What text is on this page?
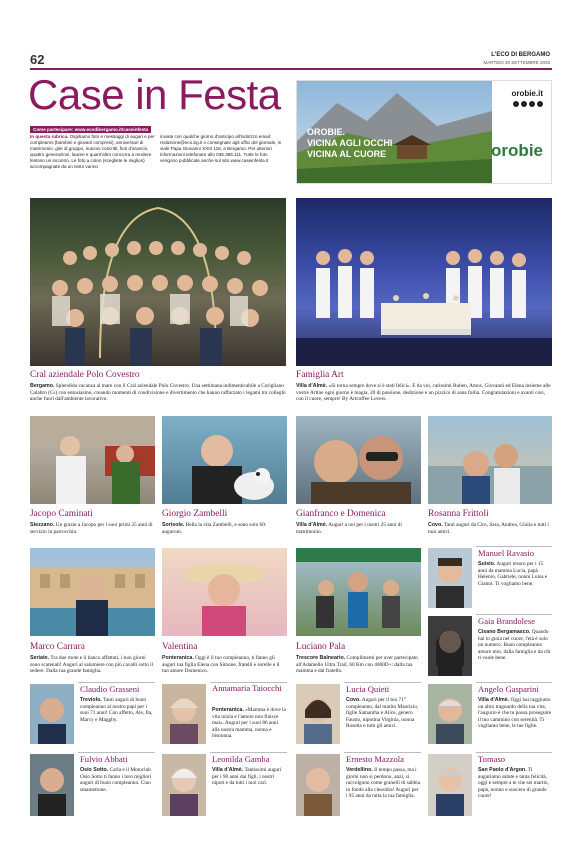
62	L'ECO DI BERGAMO
MARTEDÌ 30 SETTEMBRE 2025
Case in Festa
Come partecipare: www.ecodibergamo.it/caseinfesta
In questa rubrica. Ospitiamo foto e messaggi di auguri e per compleanni (bambini e giovani compresi), anniversari di matrimonio, gite di gruppo, riunioni coscritti, fiori d'arancio, quattro generazioni, lauree e quant'altro concorra a rendere festoso un incontro. Le foto a colori (scegliete le migliori) accompagnate da un testo vanno
inviate con qualche giorno d'anticipo all'indirizzo email: redazione@eco.bg.it o consegnate agli uffici del giornale, in viale Papa Giovanni XXIII 118, a Bergamo. Per ulteriori informazioni telefonare allo 035.386.111. Tutte le foto vengono pubblicate anche sul sito www.caseinfesta.it
OROBIE.
VICINA AGLI OCCHI
VICINA AL CUORE
orobie.it
orobie
Cral aziendale Polo Covestro
Bergamo. Splendida vacanza al mare con il Cral aziendale Polo Covestro. Una settimana indimenticabile a Corigliano Calabro (Cs) con entusiasmo, creando momenti di condivisione e divertimento che hanno rafforzato i legami tra colleghi anche fuori dall'ambiente lavorativo.
Famiglia Art
Villa d'Almè. «Si torna sempre dove si è stati felici». E da voi, carissimi Ruben, Amos, Giovanni ed Elena insieme alle vostre Artine ogni giorno è magia, 20 di passione, dedizione e un pizzico di sana follia. Congratulazioni e avanti così, con il cuore, sempre! By Artcoffee Lovers.
Jacopo Caminati
Stezzano. Un grazie a Jacopo per i suoi primi 25 anni di servizio in parrocchia.
Giorgio Zambelli
Sorisole. Bella la vita Zambelli, e sono solo 60: auguroni.
Gianfranco e Domenica
Villa d'Almè. Auguri a noi per i nostri 25 anni di matrimonio.
Rosanna Frittoli
Covo. Tanti auguri da Ciro, Sara, Andrea, Giulia e tutti i tuoi amici.
Marco Carrara
Seriate. Tra due mote e il banco affettati, i tuoi giorni sono scatenati! Auguri al salumiere con più cavalli sotto il sedere. Dalla tua grande famiglia.
Valentina
Ponteranica. Oggi è il tuo compleanno, ti fanno gli auguri tua figlia Elena con Simone, fratelli e sorelle e il tuo amore Domenico.
Luciano Pala
Trescore Balneario. Complimenti per aver partecipato all'Adamello Ultra Trail, 60 Km con 4000D+: dalla tua mamma e dal fratello.
Manuel Ravasio
Suisio. Auguri tesoro per i 15 anni da mamma Lucia, papà Helenio, Gabriele, nonni Luisa e Gianni. Ti vogliamo bene.
Gaia Brandolese
Cisano Bergamasco. Quando hai lo gioia nel cuore, l'età è solo un numero. Buon compleanno amore mio, dalla famiglia e da chi ti vuole bene.
Claudio Grasseni
Treviolo. Tanti auguri di buon compleanno al nostro papi per i suoi 71 anni! Con affetto, Ale, Ila, Marcy e Maggby.
Annamaria Taiocchi
Ponteranica. «Mamma è dove la vita inizia e l'amore non finisce mai». Auguri per i suoi 86 anni alla nostra mamma, nonna e bisnonna.
Lucia Quieti
Covo. Auguri per il tuo 71° compleanno, dal marito Maurizio, figlie Samantha e Alice, genero Fausto, nipotina Virginia, nonna Rosetta e tutti gli amici.
Angelo Gasparini
Villa d'Almè. Oggi hai raggiunto un altro traguardo della tua vita, l'augurio è che tu possa proseguire il tuo cammino con serenità. Ti vogliamo bene, le tue figlie.
Fulvio Abbati
Osio Sotto. Carla e il Motoclub Osio Sotto ti fanno i loro migliori auguri di buon compleanno. Ciao smamettone.
Leonilda Gamba
Villa d'Almè. Tantissimi auguri per i 90 anni dai figli, i nostri nipoti e da tutti i tuoi cari.
Ernesto Mazzola
Verdellino. Il tempo passa, ma i giorni non si perdono, anzi, si raccolgono come granelli di sabbia in fondo alla clessidra! Auguri per i 95 anni da tutta la tua famiglia.
Tomaso
San Paolo d'Argon. Ti auguriamo salute e tanta felicità, oggi e sempre a te che sei marito, papà, nonno e suocero di grande cuore!
